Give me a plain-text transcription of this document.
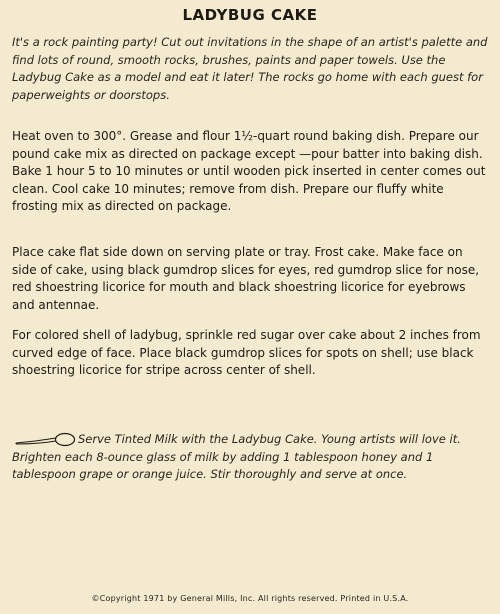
LADYBUG CAKE
It's a rock painting party! Cut out invitations in the shape of an artist's palette and find lots of round, smooth rocks, brushes, paints and paper towels. Use the Ladybug Cake as a model and eat it later! The rocks go home with each guest for paperweights or doorstops.
Heat oven to 300°. Grease and flour 1½-quart round baking dish. Prepare our pound cake mix as directed on package except —pour batter into baking dish. Bake 1 hour 5 to 10 minutes or until wooden pick inserted in center comes out clean. Cool cake 10 minutes; remove from dish. Prepare our fluffy white frosting mix as directed on package.
Place cake flat side down on serving plate or tray. Frost cake. Make face on side of cake, using black gumdrop slices for eyes, red gumdrop slice for nose, red shoestring licorice for mouth and black shoestring licorice for eyebrows and antennae.
For colored shell of ladybug, sprinkle red sugar over cake about 2 inches from curved edge of face. Place black gumdrop slices for spots on shell; use black shoestring licorice for stripe across center of shell.
Serve Tinted Milk with the Ladybug Cake. Young artists will love it. Brighten each 8-ounce glass of milk by adding 1 tablespoon honey and 1 tablespoon grape or orange juice. Stir thoroughly and serve at once.
©Copyright 1971 by General Mills, Inc. All rights reserved. Printed in U.S.A.
